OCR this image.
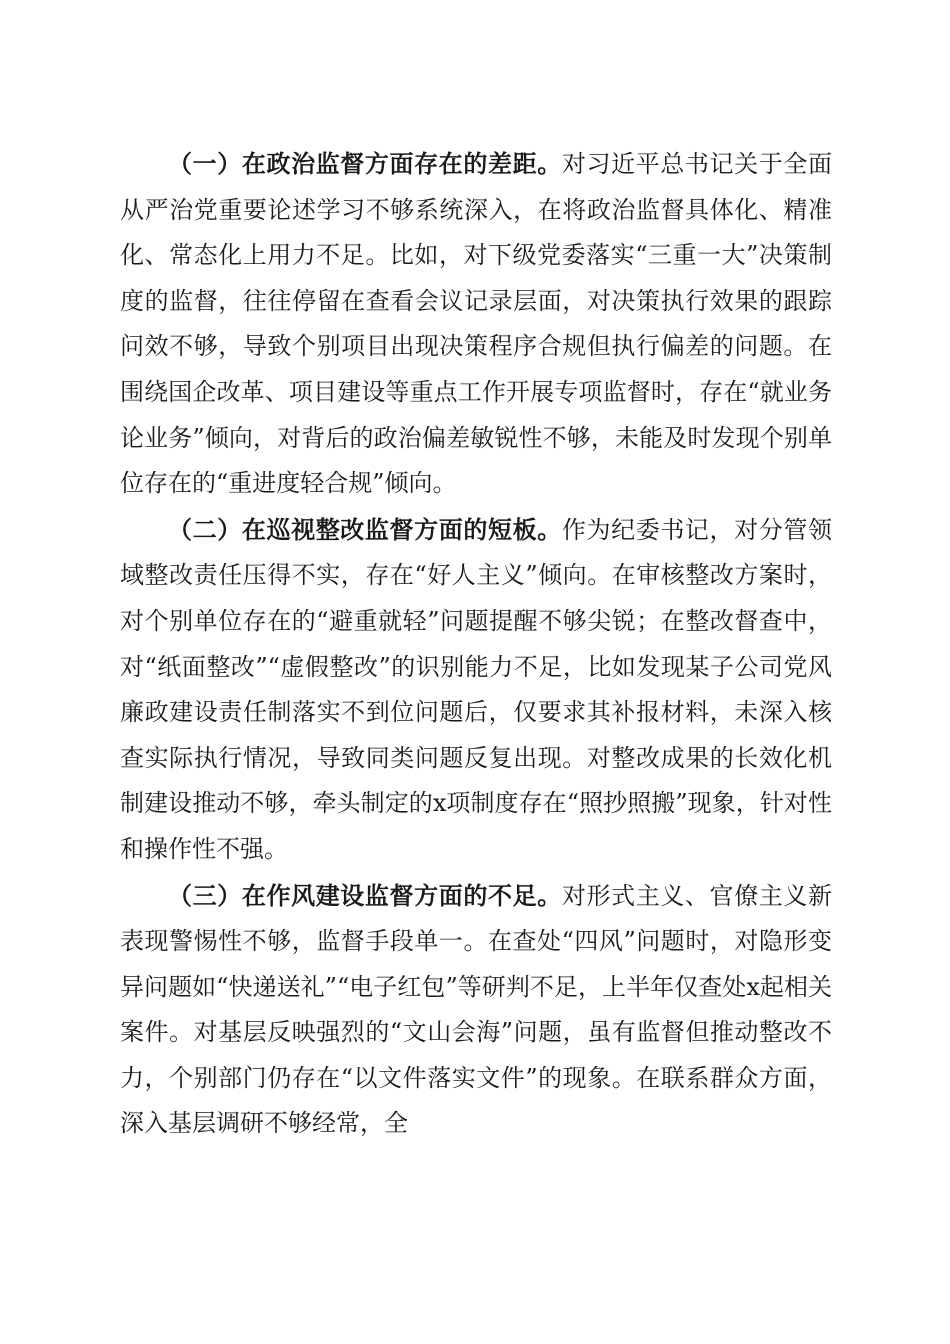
（一）在政治监督方面存在的差距。对习近平总书记关于全面从严治党重要论述学习不够系统深入，在将政治监督具体化、精准化、常态化上用力不足。比如，对下级党委落实“三重一大”决策制度的监督，往往停留在查看会议记录层面，对决策执行效果的跟踪问效不够，导致个别项目出现决策程序合规但执行偏差的问题。在围绕国企改革、项目建设等重点工作开展专项监督时，存在“就业务论业务”倾向，对背后的政治偏差敏锐性不够，未能及时发现个别单位存在的“重进度轻合规”倾向。

（二）在巡视整改监督方面的短板。作为纪委书记，对分管领域整改责任压得不实，存在“好人主义”倾向。在审核整改方案时，对个别单位存在的“避重就轻”问题提醒不够尖锐；在整改督查中，对“纸面整改”“虚假整改”的识别能力不足，比如发现某子公司党风廉政建设责任制落实不到位问题后，仅要求其补报材料，未深入核查实际执行情况，导致同类问题反复出现。对整改成果的长效化机制建设推动不够，牵头制定的x项制度存在“照抄照搬”现象，针对性和操作性不强。

（三）在作风建设监督方面的不足。对形式主义、官僚主义新表现警惕性不够，监督手段单一。在查处“四风”问题时，对隐形变异问题如“快递送礼”“电子红包”等研判不足，上半年仅查处x起相关案件。对基层反映强烈的“文山会海”问题，虽有监督但推动整改不力，个别部门仍存在“以文件落实文件”的现象。在联系群众方面，深入基层调研不够经常，全
